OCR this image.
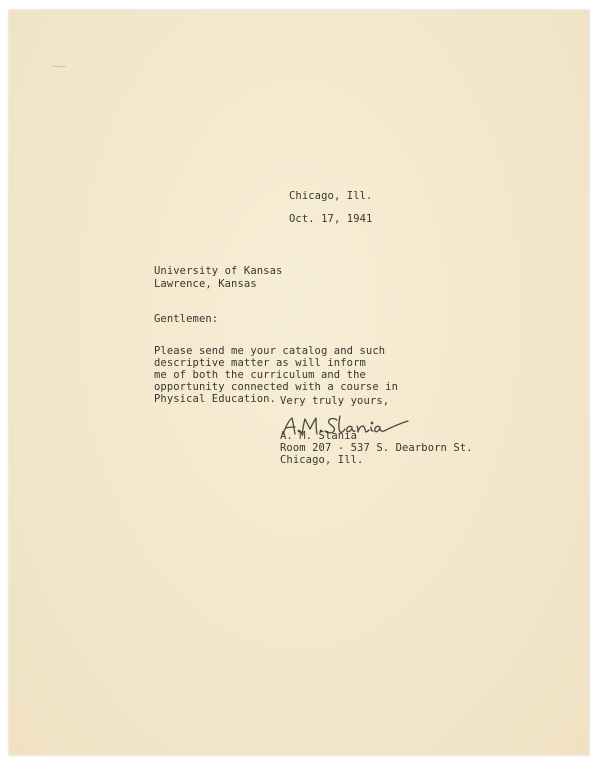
Chicago, Ill.
Oct. 17, 1941
University of Kansas
Lawrence, Kansas
Gentlemen:
Please send me your catalog and such
descriptive matter as will inform
me of both the curriculum and the
opportunity connected with a course in
Physical Education. Very truly yours,
A. M. Slania
Room 207 - 537 S. Dearborn St.
Chicago, Ill.
